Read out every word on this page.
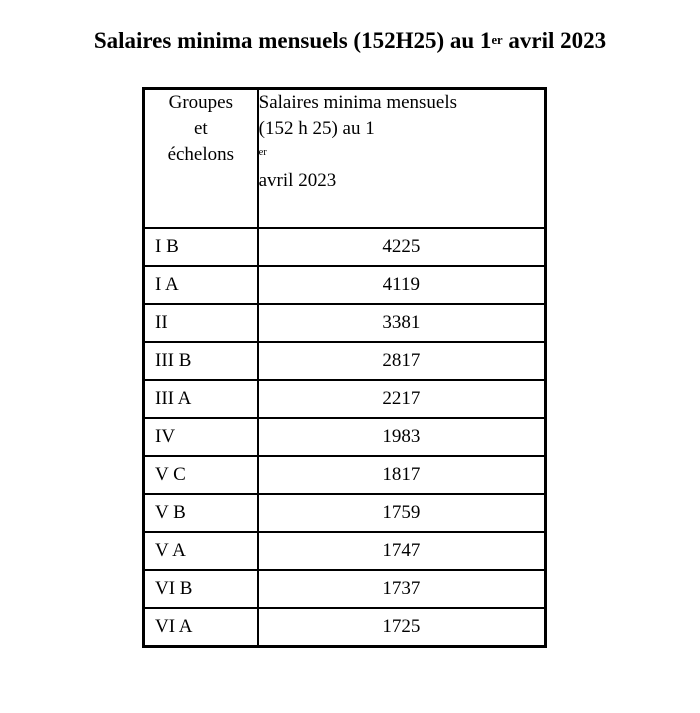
Salaires minima mensuels (152H25) au 1er avril 2023
Groupes
et
échelons	Salaires minima mensuels
(152 h 25) au 1
$^{er}$
avril 2023

I B	4225
I A	4119
II	3381
III B	2817
III A	2217
IV	1983
V C	1817
V B	1759
V A	1747
VI B	1737
VI A	1725
